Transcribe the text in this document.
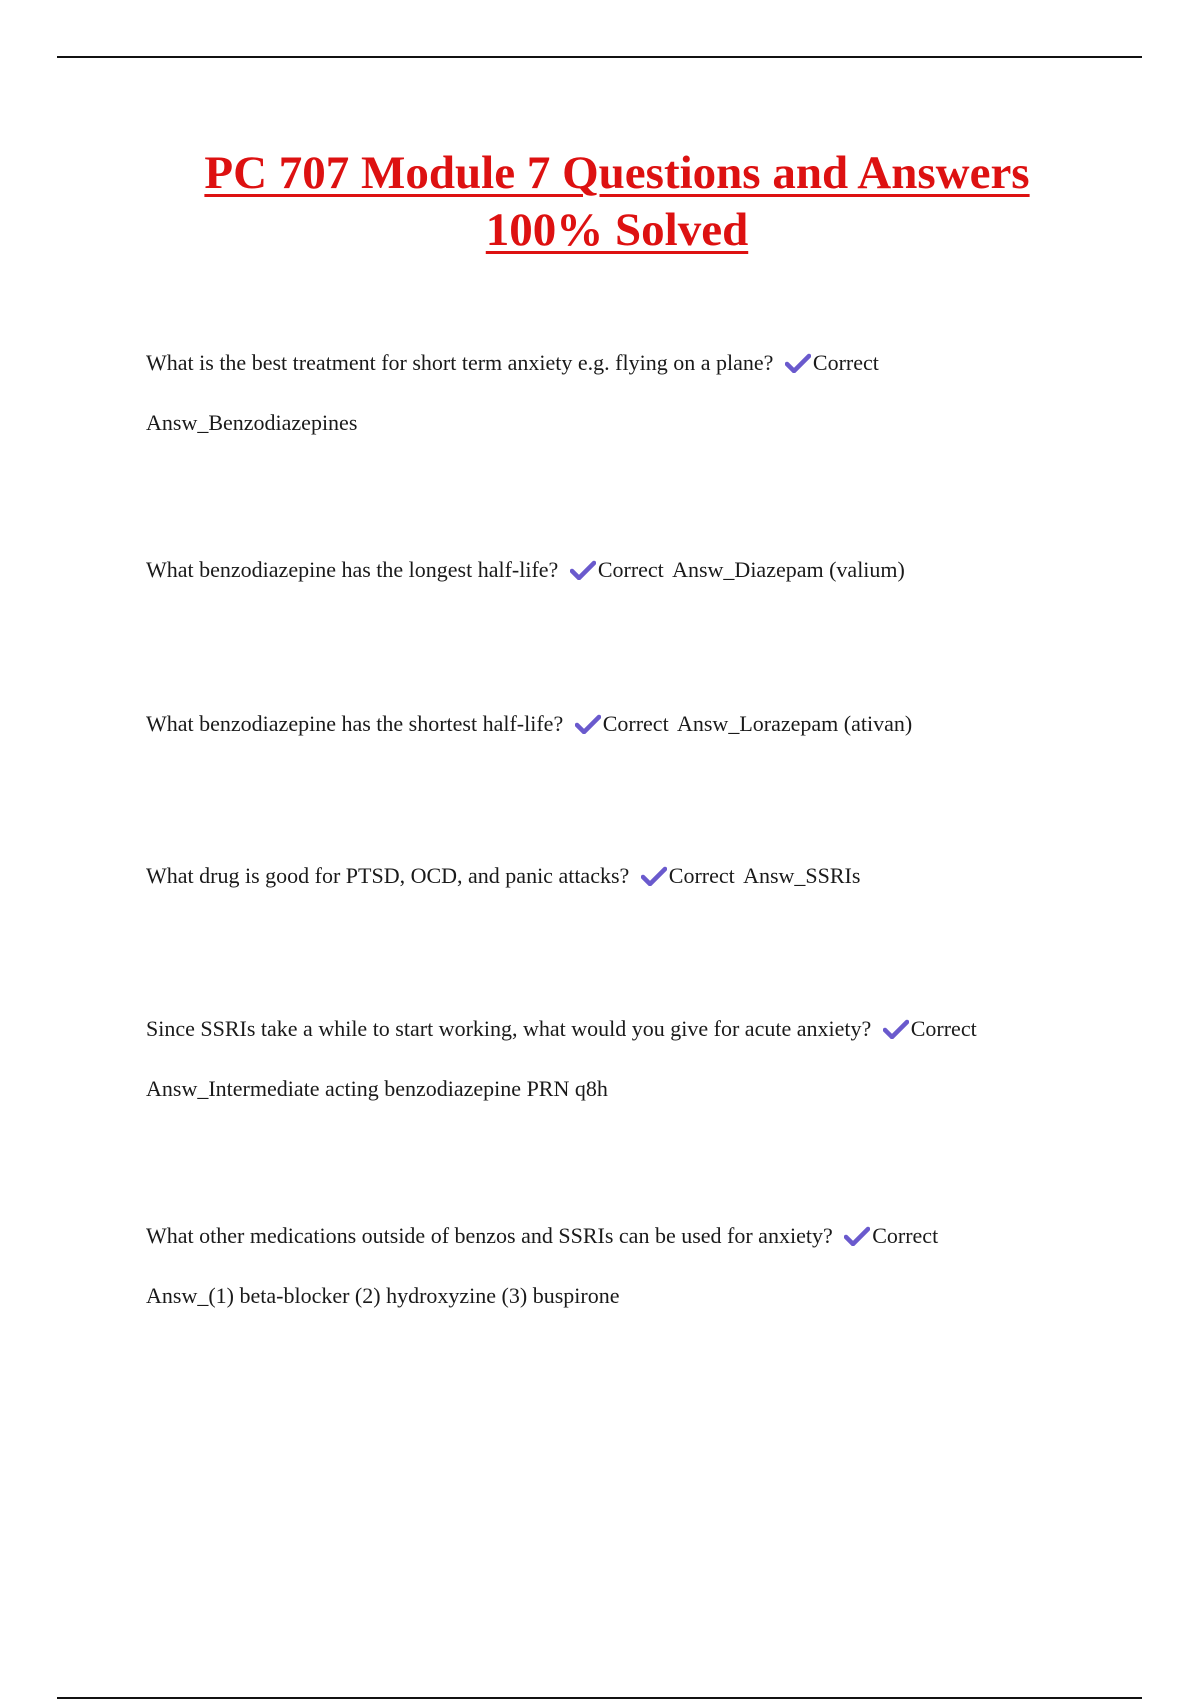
PC 707 Module 7 Questions and Answers
100% Solved
What is the best treatment for short term anxiety e.g. flying on a plane? Correct
Answ_Benzodiazepines
What benzodiazepine has the longest half-life? Correct Answ_Diazepam (valium)
What benzodiazepine has the shortest half-life? Correct Answ_Lorazepam (ativan)
What drug is good for PTSD, OCD, and panic attacks? Correct Answ_SSRIs
Since SSRIs take a while to start working, what would you give for acute anxiety? Correct
Answ_Intermediate acting benzodiazepine PRN q8h
What other medications outside of benzos and SSRIs can be used for anxiety? Correct
Answ_(1) beta-blocker (2) hydroxyzine (3) buspirone
